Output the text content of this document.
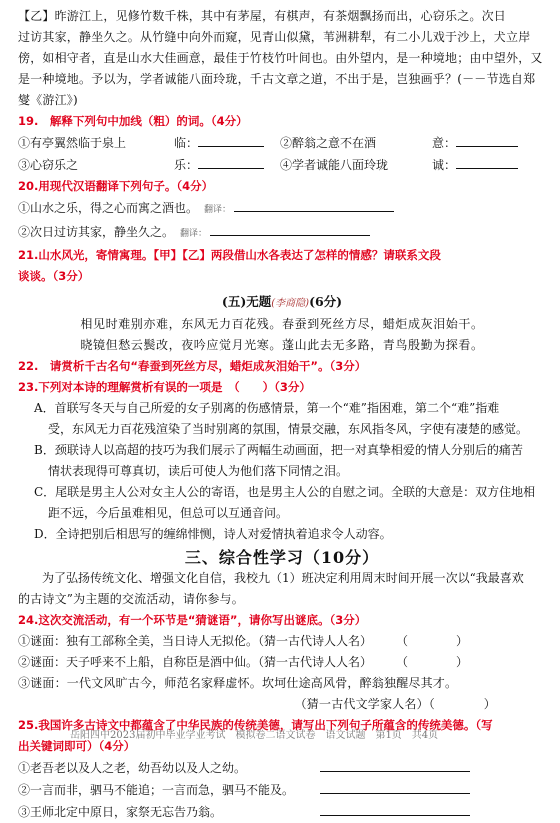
【乙】昨游江上，见修竹数千株，其中有茅屋，有棋声，有茶烟飘扬而出，心窃乐之。次日

过访其家，静坐久之。从竹缝中向外而窥，见青山似黛，苇洲耕犁，有二小儿戏于沙上，犬立岸

傍，如相守者，直是山水大佳画意，最佳于竹枝竹叶间也。由外望内，是一种境地；由中望外，又

是一种境地。予以为，学者诚能八面玲珑，千古文章之道，不出于是，岂独画乎？(－－节选自郑

燮《游江》)

19.　解释下列句中加线（粗）的词。（4分）

①有亭翼然临于泉上	临：	②醉翁之意不在酒	意：
③心窃乐之	乐：	④学者诚能八面玲珑	诚：

20.用现代汉语翻译下列句子。（4分）

①山水之乐，得之心而寓之酒也。 翻译：
②次日过访其家，静坐久之。 翻译：

21.山水风光，寄情寓理。【甲】【乙】两段借山水各表达了怎样的情感？请联系文段

谈谈。（3分）

(五)无题(李商隐)(6分)

相见时难别亦难，东风无力百花残。春蚕到死丝方尽，蜡炬成灰泪始干。

晓镜但愁云鬓改，夜吟应觉月光寒。蓬山此去无多路，青鸟殷勤为探看。

22.　请赏析千古名句“春蚕到死丝方尽，蜡炬成灰泪始干”。（3分）

23.下列对本诗的理解赏析有误的一项是　（　　）（3分）

A．首联写冬天与自己所爱的女子别离的伤感情景，第一个“难”指困难，第二个“难”指难

受，东风无力百花残渲染了当时别离的氛围，情景交融，东风指冬风，字使有凄楚的感觉。

B．颈联诗人以高超的技巧为我们展示了两幅生动画面，把一对真挚相爱的情人分别后的痛苦

情状表现得可尊真切，读后可使人为他们落下同情之泪。

C．尾联是男主人公对女主人公的寄语，也是男主人公的自慰之词。全联的大意是：双方住地相

距不远，今后虽难相见，但总可以互通音问。

D．全诗把别后相思写的缠绵悱恻，诗人对爱情执着追求令人动容。

三、综合性学习（10分）

为了弘扬传统文化、增强文化自信，我校九（1）班决定利用周末时间开展一次以“我最喜欢

的古诗文”为主题的交流活动，请你参与。

24.这次交流活动，有一个环节是“猜谜语”，请你写出谜底。（3分）

①谜面：独有工部称全美，当日诗人无拟伦。（猜一古代诗人人名） （　　　　）
②谜面：天子呼来不上船，自称臣是酒中仙。（猜一古代诗人人名） （　　　　）

③谜面：一代文风旷古今，师范名家释虚怀。坎坷仕途高风骨，醉翁独醒尽其才。

（猜一古代文学家人名）（　　　　）

25.我国许多古诗文中都蕴含了中华民族的传统美德，请写出下列句子所蕴含的传统美德。（写

出关键词即可）（4分）

①老吾老以及人之老，幼吾幼以及人之幼。
②一言而非，驷马不能追；一言而急，驷马不能及。
③王师北定中原日，家祭无忘告乃翁。
岳阳四中2023届初中毕业学业考试　模拟卷二语文试卷　语文试题　第1页　共4页
